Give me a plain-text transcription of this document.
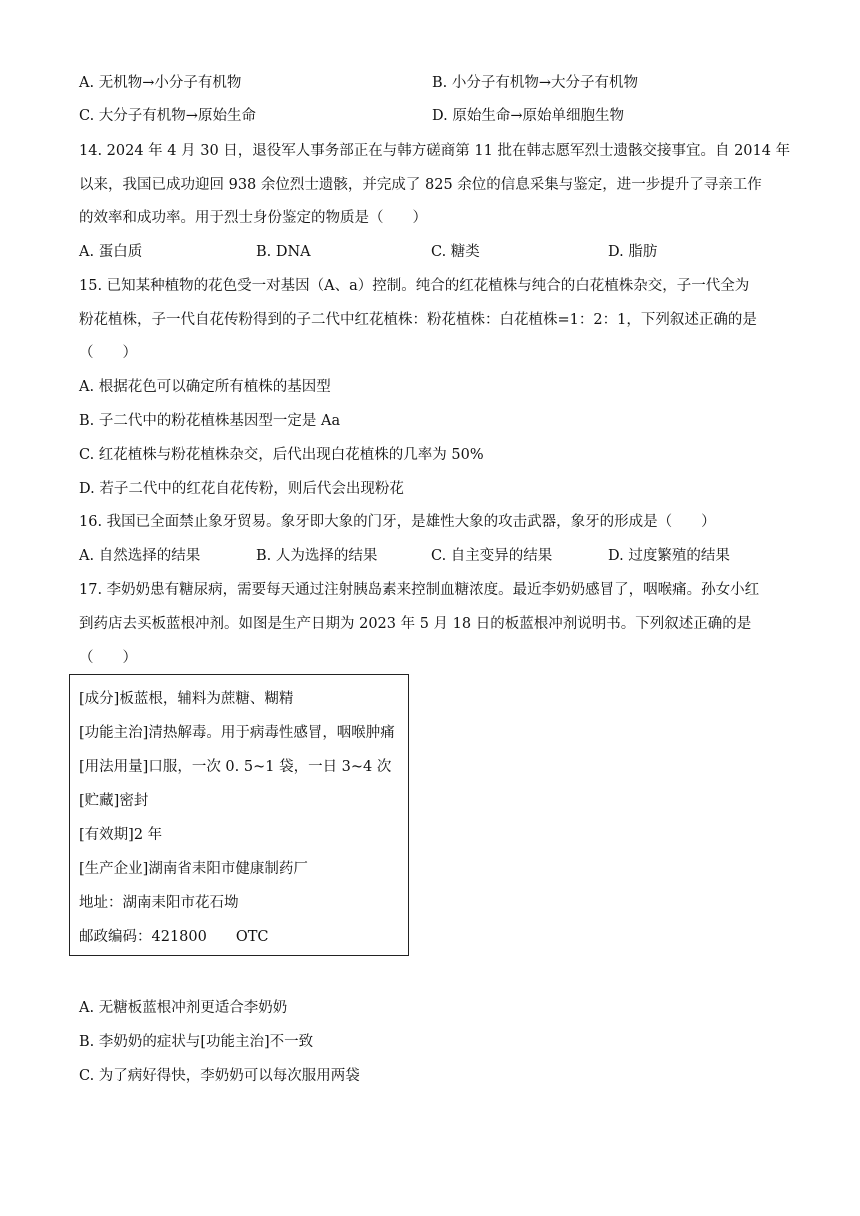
A. 无机物→小分子有机物	B. 小分子有机物→大分子有机物
C. 大分子有机物→原始生命	D. 原始生命→原始单细胞生物
14. 2024 年 4 月 30 日，退役军人事务部正在与韩方磋商第 11 批在韩志愿军烈士遗骸交接事宜。自 2014 年
以来，我国已成功迎回 938 余位烈士遗骸，并完成了 825 余位的信息采集与鉴定，进一步提升了寻亲工作
的效率和成功率。用于烈士身份鉴定的物质是（　　）
A. 蛋白质	B. DNA	C. 糖类	D. 脂肪
15. 已知某种植物的花色受一对基因（A、a）控制。纯合的红花植株与纯合的白花植株杂交，子一代全为
粉花植株，子一代自花传粉得到的子二代中红花植株：粉花植株：白花植株=1：2：1，下列叙述正确的是
（　　）
A. 根据花色可以确定所有植株的基因型
B. 子二代中的粉花植株基因型一定是 Aa
C. 红花植株与粉花植株杂交，后代出现白花植株的几率为 50%
D. 若子二代中的红花自花传粉，则后代会出现粉花
16. 我国已全面禁止象牙贸易。象牙即大象的门牙，是雄性大象的攻击武器，象牙的形成是（　　）
A. 自然选择的结果	B. 人为选择的结果	C. 自主变异的结果	D. 过度繁殖的结果
17. 李奶奶患有糖尿病，需要每天通过注射胰岛素来控制血糖浓度。最近李奶奶感冒了，咽喉痛。孙女小红
到药店去买板蓝根冲剂。如图是生产日期为 2023 年 5 月 18 日的板蓝根冲剂说明书。下列叙述正确的是
（　　）
[成分]板蓝根，辅料为蔗糖、糊精
[功能主治]清热解毒。用于病毒性感冒，咽喉肿痛
[用法用量]口服，一次 0. 5~1 袋，一日 3~4 次
[贮藏]密封
[有效期]2 年
[生产企业]湖南省耒阳市健康制药厂
地址：湖南耒阳市花石坳
邮政编码：421800　　OTC
A. 无糖板蓝根冲剂更适合李奶奶
B. 李奶奶的症状与[功能主治]不一致
C. 为了病好得快，李奶奶可以每次服用两袋
